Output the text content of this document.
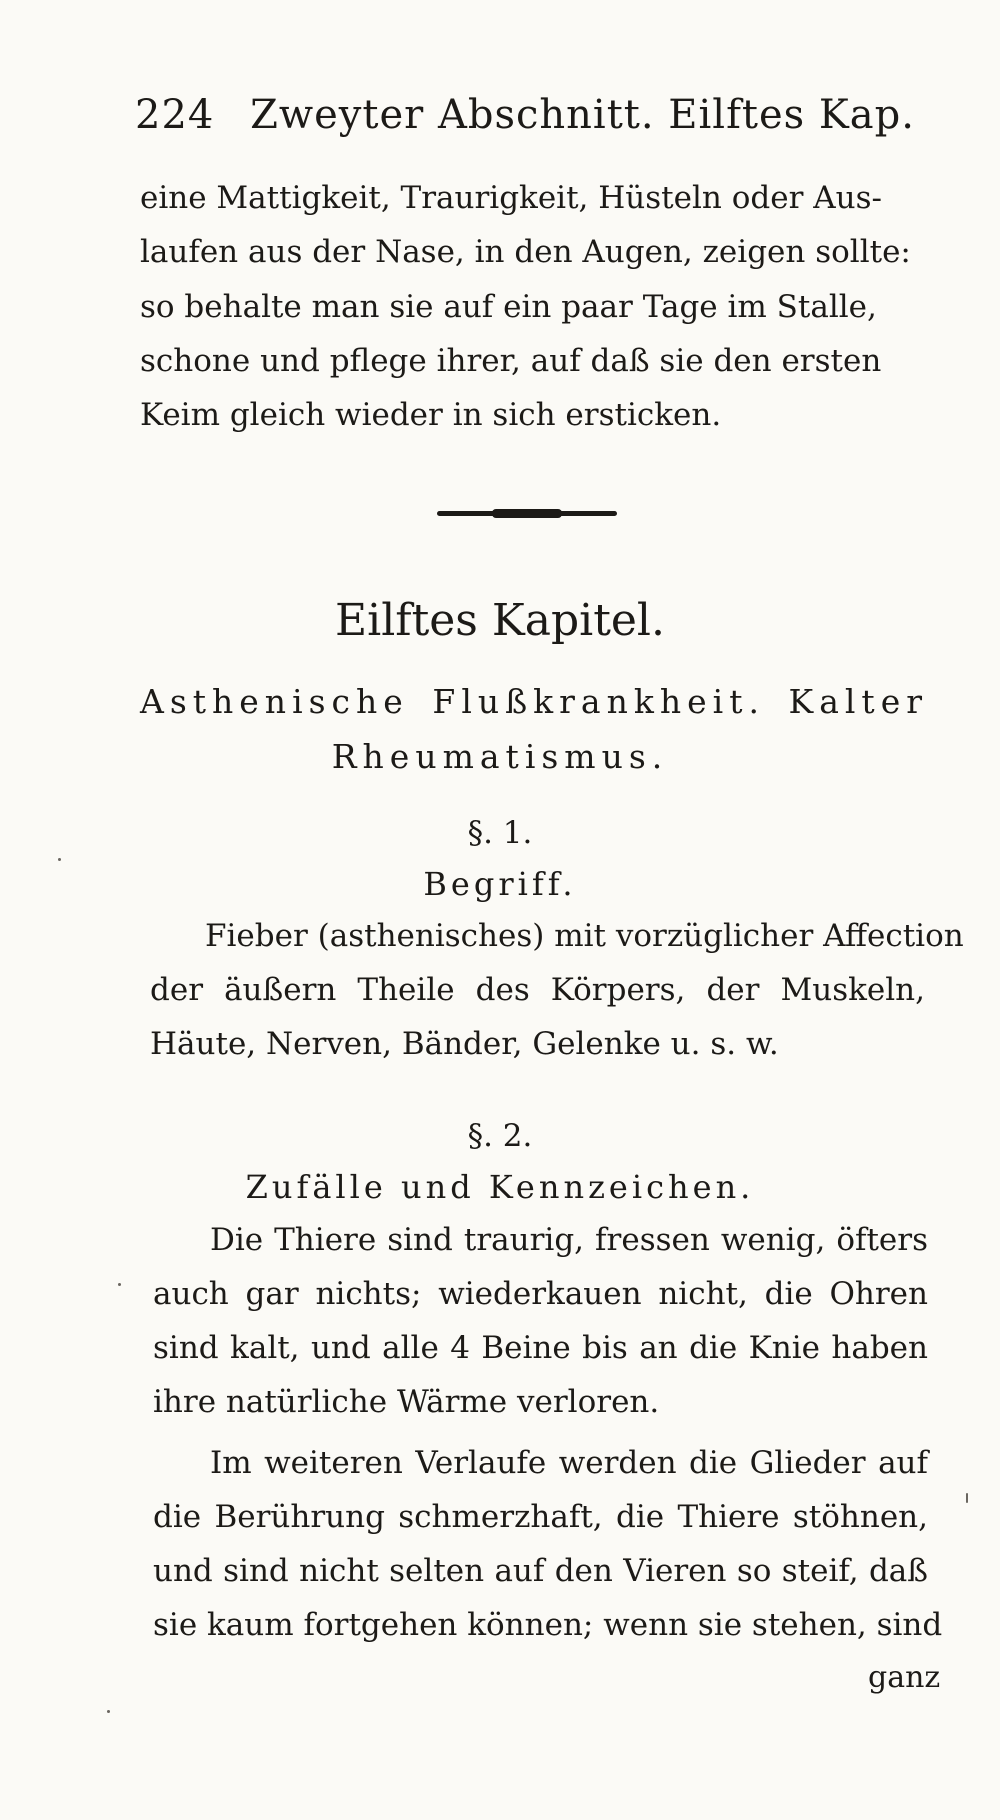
224 Zweyter Abschnitt. Eilftes Kap.
eine Mattigkeit, Traurigkeit, Hüsteln oder Aus-
laufen aus der Nase, in den Augen, zeigen sollte:
so behalte man sie auf ein paar Tage im Stalle,
schone und pflege ihrer, auf daß sie den ersten
Keim gleich wieder in sich ersticken.
Eilftes Kapitel.
Asthenische Flußkrankheit. Kalter
Rheumatismus.
§. 1.
Begriff.
Fieber (asthenisches) mit vorzüglicher Affection
der äußern Theile des Körpers, der Muskeln,
Häute, Nerven, Bänder, Gelenke u. s. w.
§. 2.
Zufälle und Kennzeichen.
Die Thiere sind traurig, fressen wenig, öfters
auch gar nichts; wiederkauen nicht, die Ohren
sind kalt, und alle 4 Beine bis an die Knie haben
ihre natürliche Wärme verloren.
Im weiteren Verlaufe werden die Glieder auf
die Berührung schmerzhaft, die Thiere stöhnen,
und sind nicht selten auf den Vieren so steif, daß
sie kaum fortgehen können; wenn sie stehen, sind
ganz
